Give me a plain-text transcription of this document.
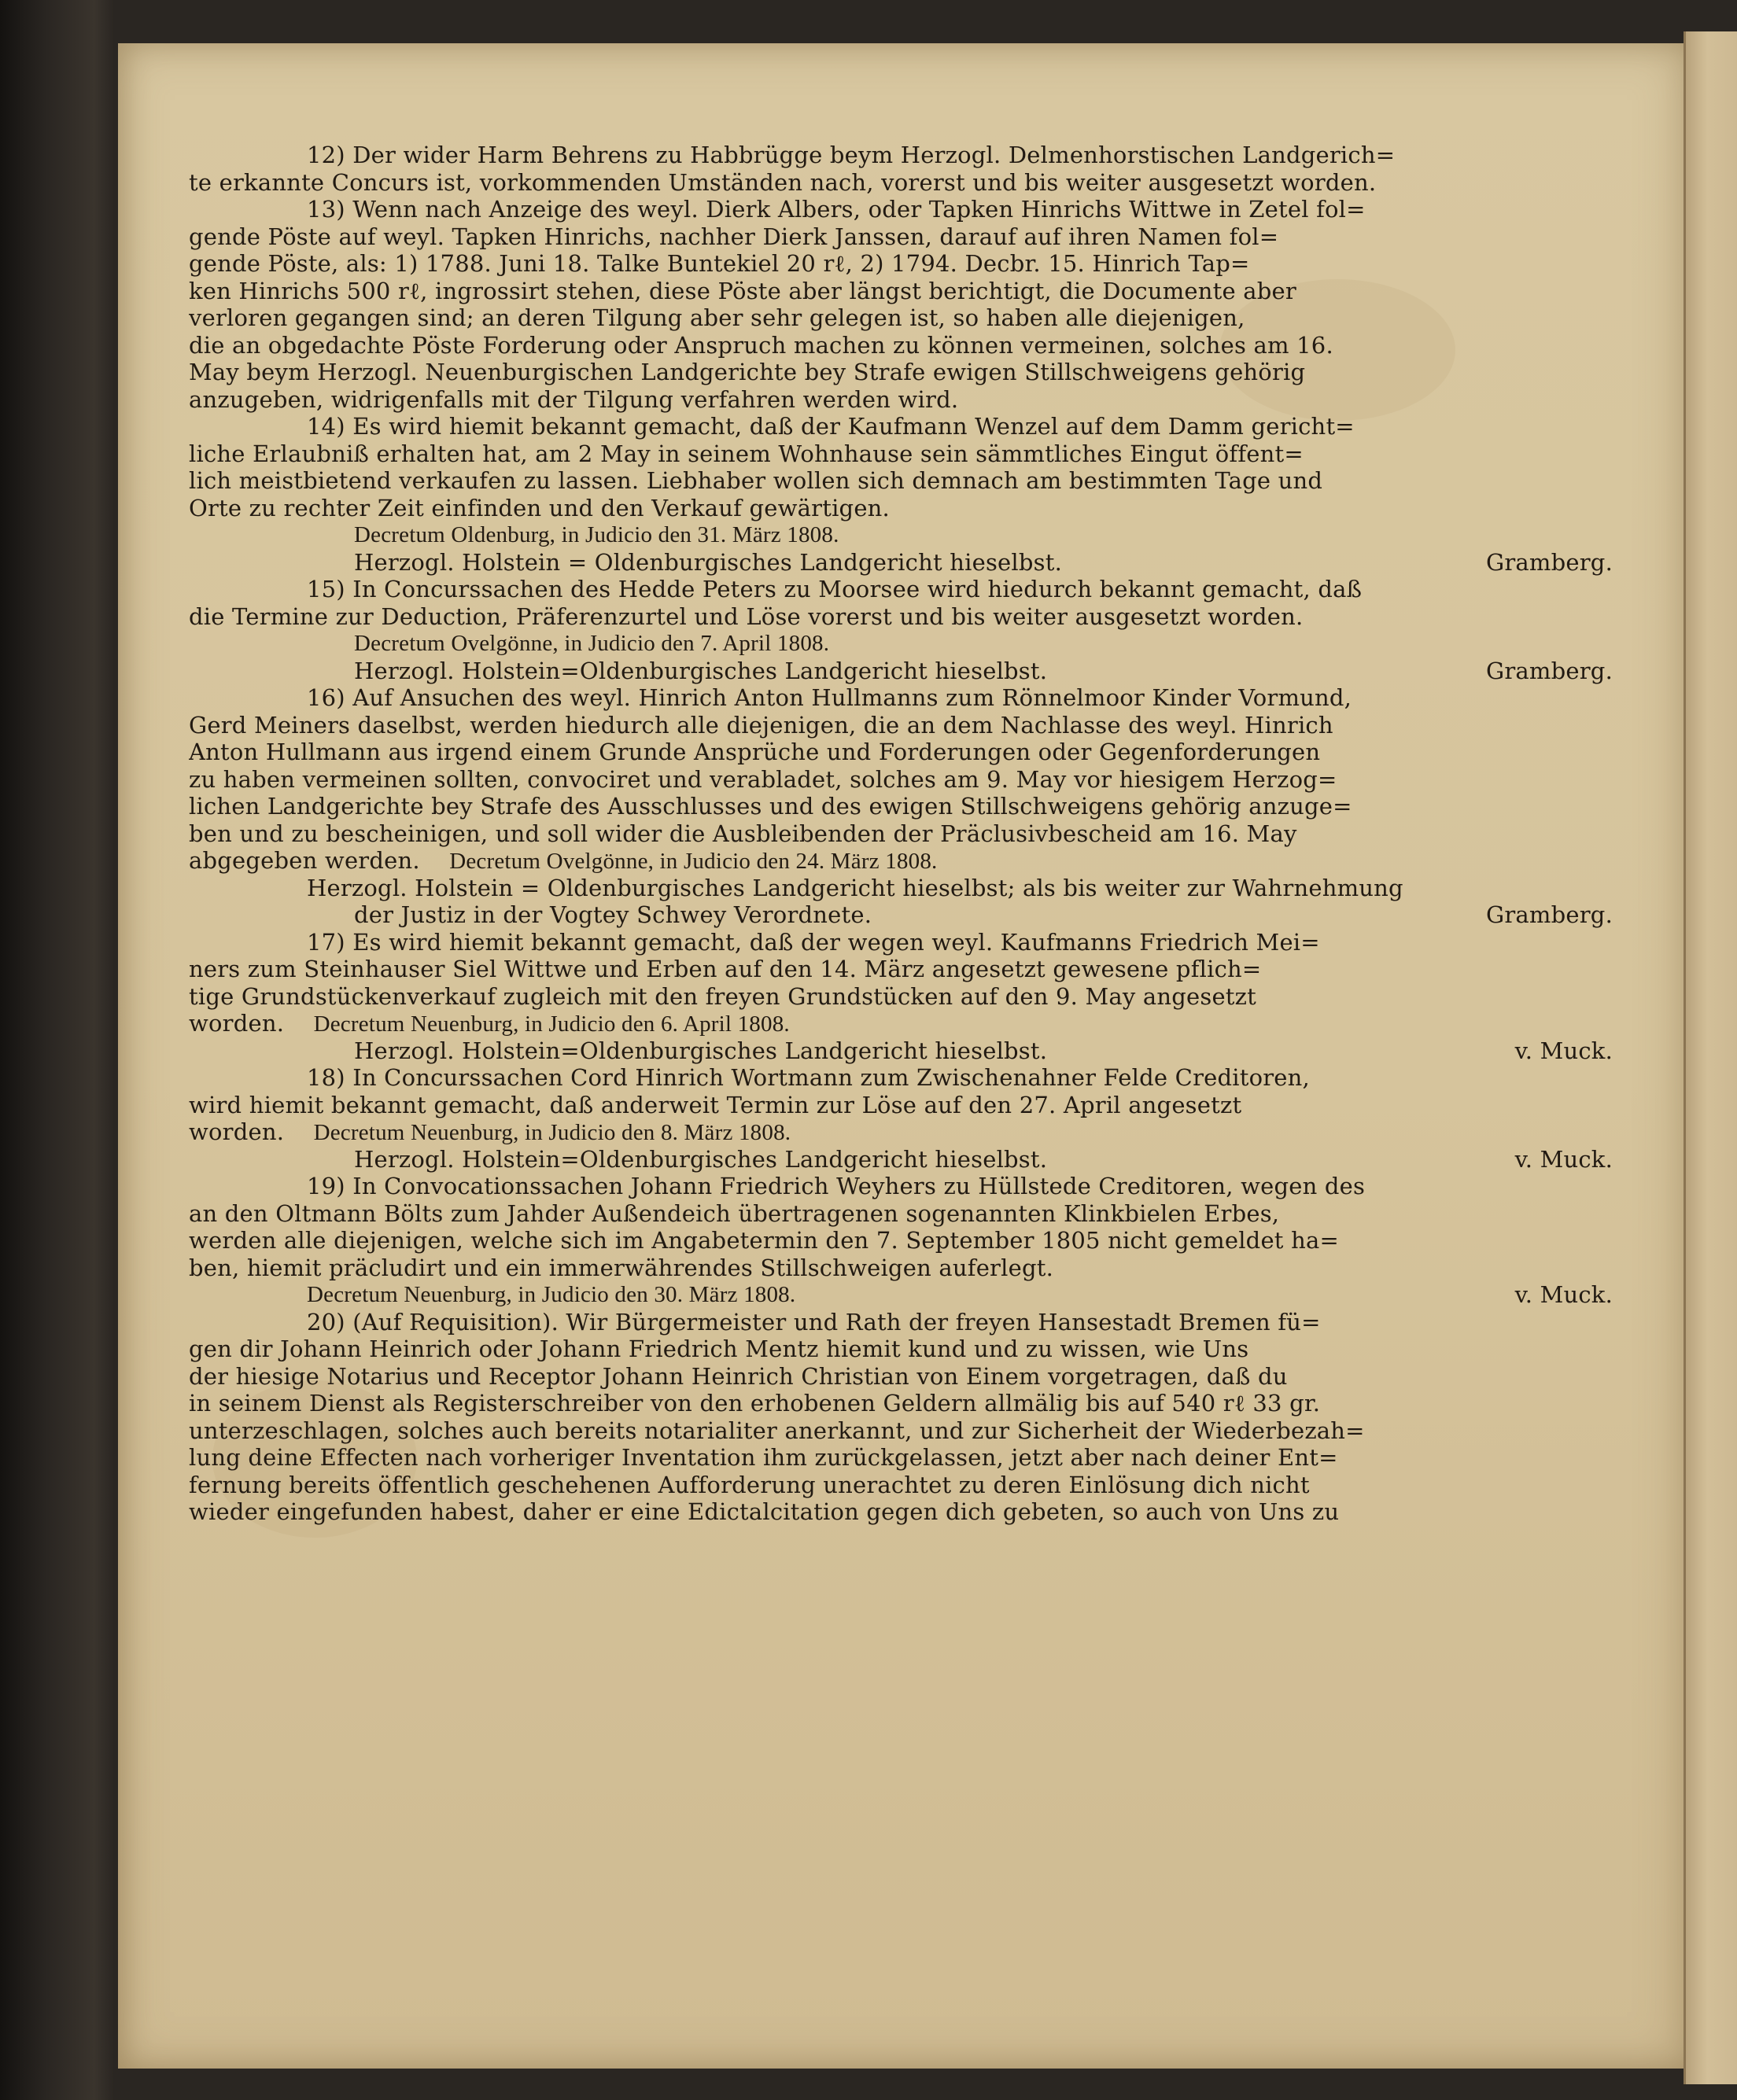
12) Der wider Harm Behrens zu Habbrügge beym Herzogl. Delmenhorstischen Landgerich=
te erkannte Concurs ist, vorkommenden Umständen nach, vorerst und bis weiter ausgesetzt worden.
13) Wenn nach Anzeige des weyl. Dierk Albers, oder Tapken Hinrichs Wittwe in Zetel fol=
gende Pöste auf weyl. Tapken Hinrichs, nachher Dierk Janssen, darauf auf ihren Namen fol=
gende Pöste, als: 1) 1788. Juni 18. Talke Buntekiel 20 rℓ, 2) 1794. Decbr. 15. Hinrich Tap=
ken Hinrichs 500 rℓ, ingrossirt stehen, diese Pöste aber längst berichtigt, die Documente aber
verloren gegangen sind; an deren Tilgung aber sehr gelegen ist, so haben alle diejenigen,
die an obgedachte Pöste Forderung oder Anspruch machen zu können vermeinen, solches am 16.
May beym Herzogl. Neuenburgischen Landgerichte bey Strafe ewigen Stillschweigens gehörig
anzugeben, widrigenfalls mit der Tilgung verfahren werden wird.
14) Es wird hiemit bekannt gemacht, daß der Kaufmann Wenzel auf dem Damm gericht=
liche Erlaubniß erhalten hat, am 2 May in seinem Wohnhause sein sämmtliches Eingut öffent=
lich meistbietend verkaufen zu lassen. Liebhaber wollen sich demnach am bestimmten Tage und
Orte zu rechter Zeit einfinden und den Verkauf gewärtigen.
Decretum Oldenburg, in Judicio den 31. März 1808.
Herzogl. Holstein = Oldenburgisches Landgericht hieselbst.	Gramberg.
15) In Concurssachen des Hedde Peters zu Moorsee wird hiedurch bekannt gemacht, daß
die Termine zur Deduction, Präferenzurtel und Löse vorerst und bis weiter ausgesetzt worden.
Decretum Ovelgönne, in Judicio den 7. April 1808.
Herzogl. Holstein=Oldenburgisches Landgericht hieselbst.	Gramberg.
16) Auf Ansuchen des weyl. Hinrich Anton Hullmanns zum Rönnelmoor Kinder Vormund,
Gerd Meiners daselbst, werden hiedurch alle diejenigen, die an dem Nachlasse des weyl. Hinrich
Anton Hullmann aus irgend einem Grunde Ansprüche und Forderungen oder Gegenforderungen
zu haben vermeinen sollten, convociret und verabladet, solches am 9. May vor hiesigem Herzog=
lichen Landgerichte bey Strafe des Ausschlusses und des ewigen Stillschweigens gehörig anzuge=
ben und zu bescheinigen, und soll wider die Ausbleibenden der Präclusivbescheid am 16. May
abgegeben werden. Decretum Ovelgönne, in Judicio den 24. März 1808.
Herzogl. Holstein = Oldenburgisches Landgericht hieselbst; als bis weiter zur Wahrnehmung
der Justiz in der Vogtey Schwey Verordnete.	Gramberg.
17) Es wird hiemit bekannt gemacht, daß der wegen weyl. Kaufmanns Friedrich Mei=
ners zum Steinhauser Siel Wittwe und Erben auf den 14. März angesetzt gewesene pflich=
tige Grundstückenverkauf zugleich mit den freyen Grundstücken auf den 9. May angesetzt
worden. Decretum Neuenburg, in Judicio den 6. April 1808.
Herzogl. Holstein=Oldenburgisches Landgericht hieselbst.	v. Muck.
18) In Concurssachen Cord Hinrich Wortmann zum Zwischenahner Felde Creditoren,
wird hiemit bekannt gemacht, daß anderweit Termin zur Löse auf den 27. April angesetzt
worden. Decretum Neuenburg, in Judicio den 8. März 1808.
Herzogl. Holstein=Oldenburgisches Landgericht hieselbst.	v. Muck.
19) In Convocationssachen Johann Friedrich Weyhers zu Hüllstede Creditoren, wegen des
an den Oltmann Bölts zum Jahder Außendeich übertragenen sogenannten Klinkbielen Erbes,
werden alle diejenigen, welche sich im Angabetermin den 7. September 1805 nicht gemeldet ha=
ben, hiemit präcludirt und ein immerwährendes Stillschweigen auferlegt.
Decretum Neuenburg, in Judicio den 30. März 1808.	v. Muck.
20) (Auf Requisition). Wir Bürgermeister und Rath der freyen Hansestadt Bremen fü=
gen dir Johann Heinrich oder Johann Friedrich Mentz hiemit kund und zu wissen, wie Uns
der hiesige Notarius und Receptor Johann Heinrich Christian von Einem vorgetragen, daß du
in seinem Dienst als Registerschreiber von den erhobenen Geldern allmälig bis auf 540 rℓ 33 gr.
unterzeschlagen, solches auch bereits notarialiter anerkannt, und zur Sicherheit der Wiederbezah=
lung deine Effecten nach vorheriger Inventation ihm zurückgelassen, jetzt aber nach deiner Ent=
fernung bereits öffentlich geschehenen Aufforderung unerachtet zu deren Einlösung dich nicht
wieder eingefunden habest, daher er eine Edictalcitation gegen dich gebeten, so auch von Uns zu
